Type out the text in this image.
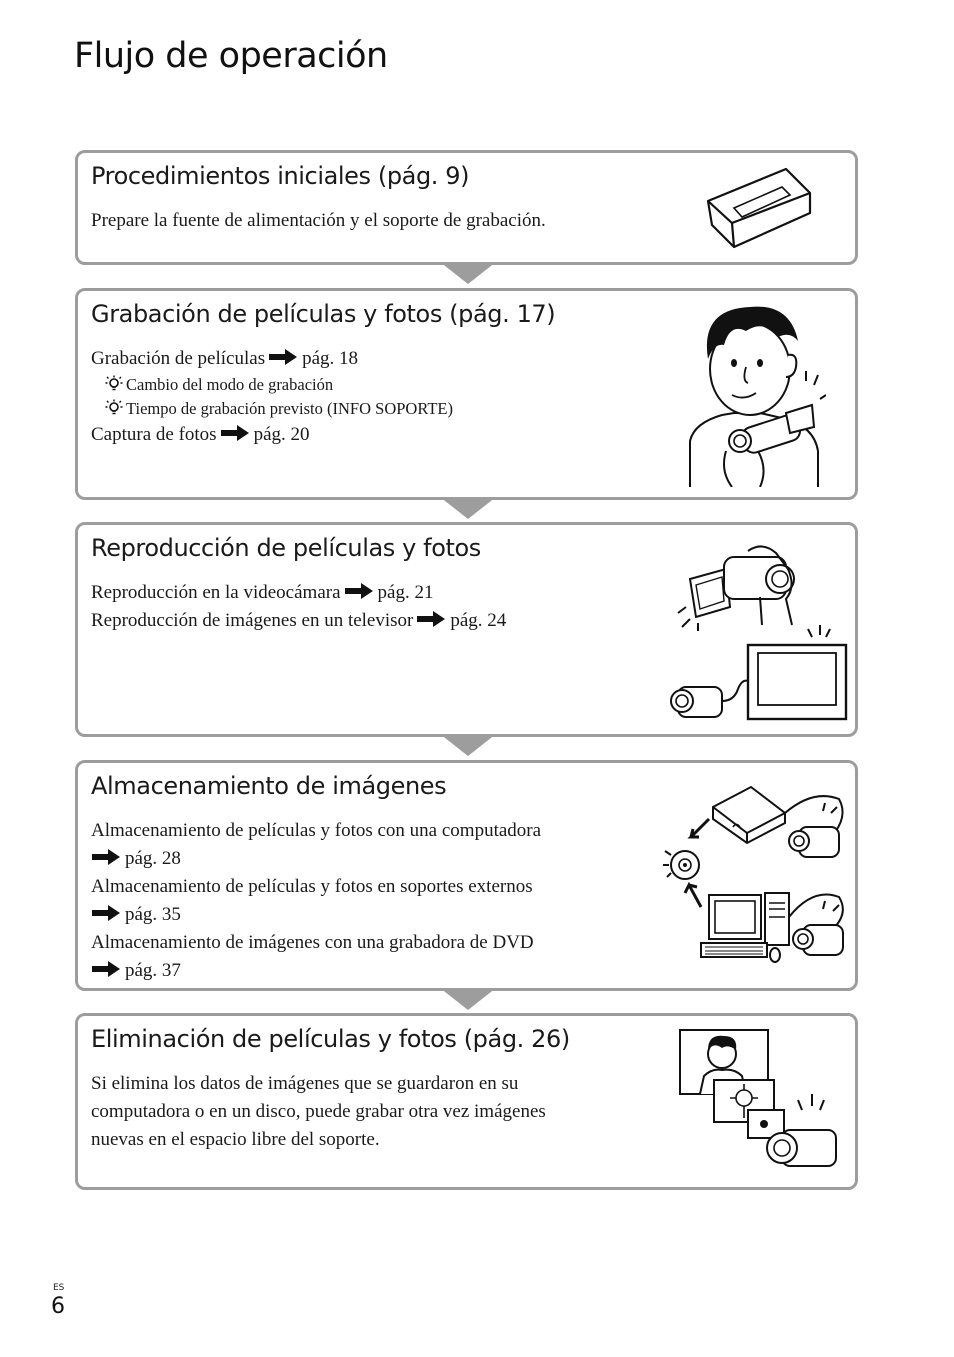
Flujo de operación
Procedimientos iniciales (pág. 9)
Prepare la fuente de alimentación y el soporte de grabación.
Grabación de películas y fotos (pág. 17)
Grabación de películas pág. 18
Cambio del modo de grabación
Tiempo de grabación previsto (INFO SOPORTE)
Captura de fotos pág. 20
Reproducción de películas y fotos
Reproducción en la videocámara pág. 21
Reproducción de imágenes en un televisor pág. 24
Almacenamiento de imágenes
Almacenamiento de películas y fotos con una computadora
pág. 28
Almacenamiento de películas y fotos en soportes externos
pág. 35
Almacenamiento de imágenes con una grabadora de DVD
pág. 37
Eliminación de películas y fotos (pág. 26)
Si elimina los datos de imágenes que se guardaron en su
computadora o en un disco, puede grabar otra vez imágenes
nuevas en el espacio libre del soporte.
ES
6
